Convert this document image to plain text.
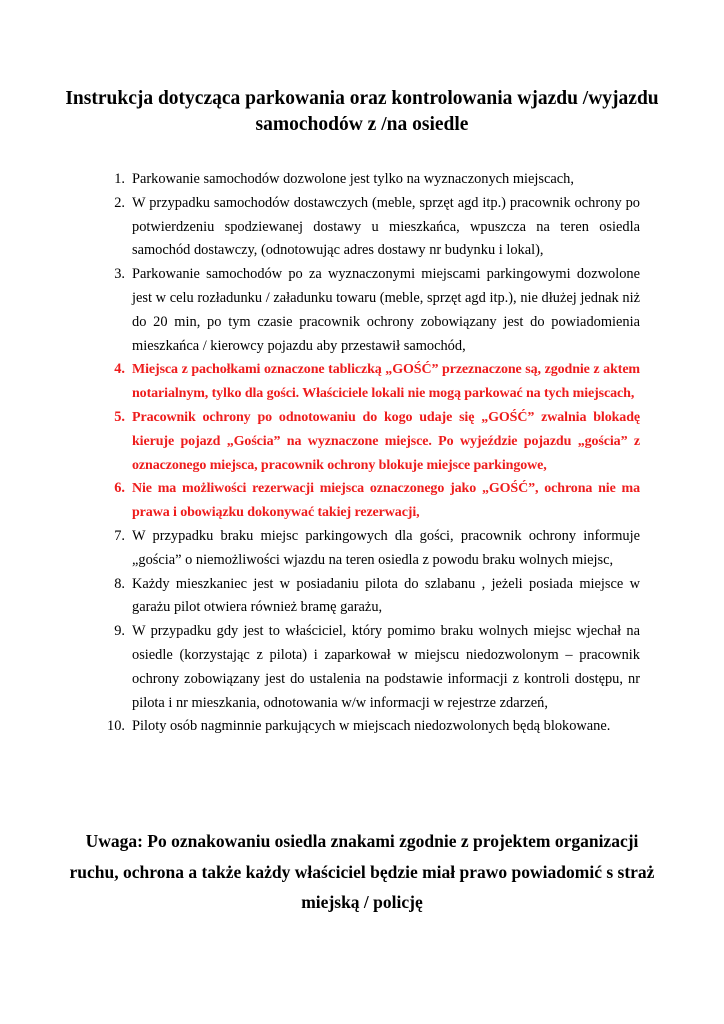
Instrukcja dotycząca parkowania oraz kontrolowania wjazdu /wyjazdu samochodów z /na osiedle
1. Parkowanie samochodów dozwolone jest tylko na wyznaczonych miejscach,
2. W przypadku samochodów dostawczych (meble, sprzęt agd itp.) pracownik ochrony po potwierdzeniu spodziewanej dostawy u mieszkańca, wpuszcza na teren osiedla samochód dostawczy, (odnotowując adres dostawy nr budynku i lokal),
3. Parkowanie samochodów po za wyznaczonymi miejscami parkingowymi dozwolone jest w celu rozładunku / załadunku towaru (meble, sprzęt agd itp.), nie dłużej jednak niż do 20 min, po tym czasie pracownik ochrony zobowiązany jest do powiadomienia mieszkańca / kierowcy pojazdu aby przestawił samochód,
4. Miejsca z pachołkami oznaczone tabliczką „GOŚĆ” przeznaczone są, zgodnie z aktem notarialnym, tylko dla gości. Właściciele lokali nie mogą parkować na tych miejscach,
5. Pracownik ochrony po odnotowaniu do kogo udaje się „GOŚĆ” zwalnia blokadę kieruje pojazd „Gościa” na wyznaczone miejsce. Po wyjeździe pojazdu „gościa” z oznaczonego miejsca, pracownik ochrony blokuje miejsce parkingowe,
6. Nie ma możliwości rezerwacji miejsca oznaczonego jako „GOŚĆ”, ochrona nie ma prawa i obowiązku dokonywać takiej rezerwacji,
7. W przypadku braku miejsc parkingowych dla gości, pracownik ochrony informuje „gościa” o niemożliwości wjazdu na teren osiedla z powodu braku wolnych miejsc,
8. Każdy mieszkaniec jest w posiadaniu pilota do szlabanu , jeżeli posiada miejsce w garażu pilot otwiera również bramę garażu,
9. W przypadku gdy jest to właściciel, który pomimo braku wolnych miejsc wjechał na osiedle (korzystając z pilota) i zaparkował w miejscu niedozwolonym – pracownik ochrony zobowiązany jest do ustalenia na podstawie informacji z kontroli dostępu, nr pilota i nr mieszkania, odnotowania w/w informacji w rejestrze zdarzeń,
10. Piloty osób nagminnie parkujących w miejscach niedozwolonych będą blokowane.
Uwaga: Po oznakowaniu osiedla znakami zgodnie z projektem organizacji ruchu, ochrona a także każdy właściciel będzie miał prawo powiadomić s straż miejską / policję
